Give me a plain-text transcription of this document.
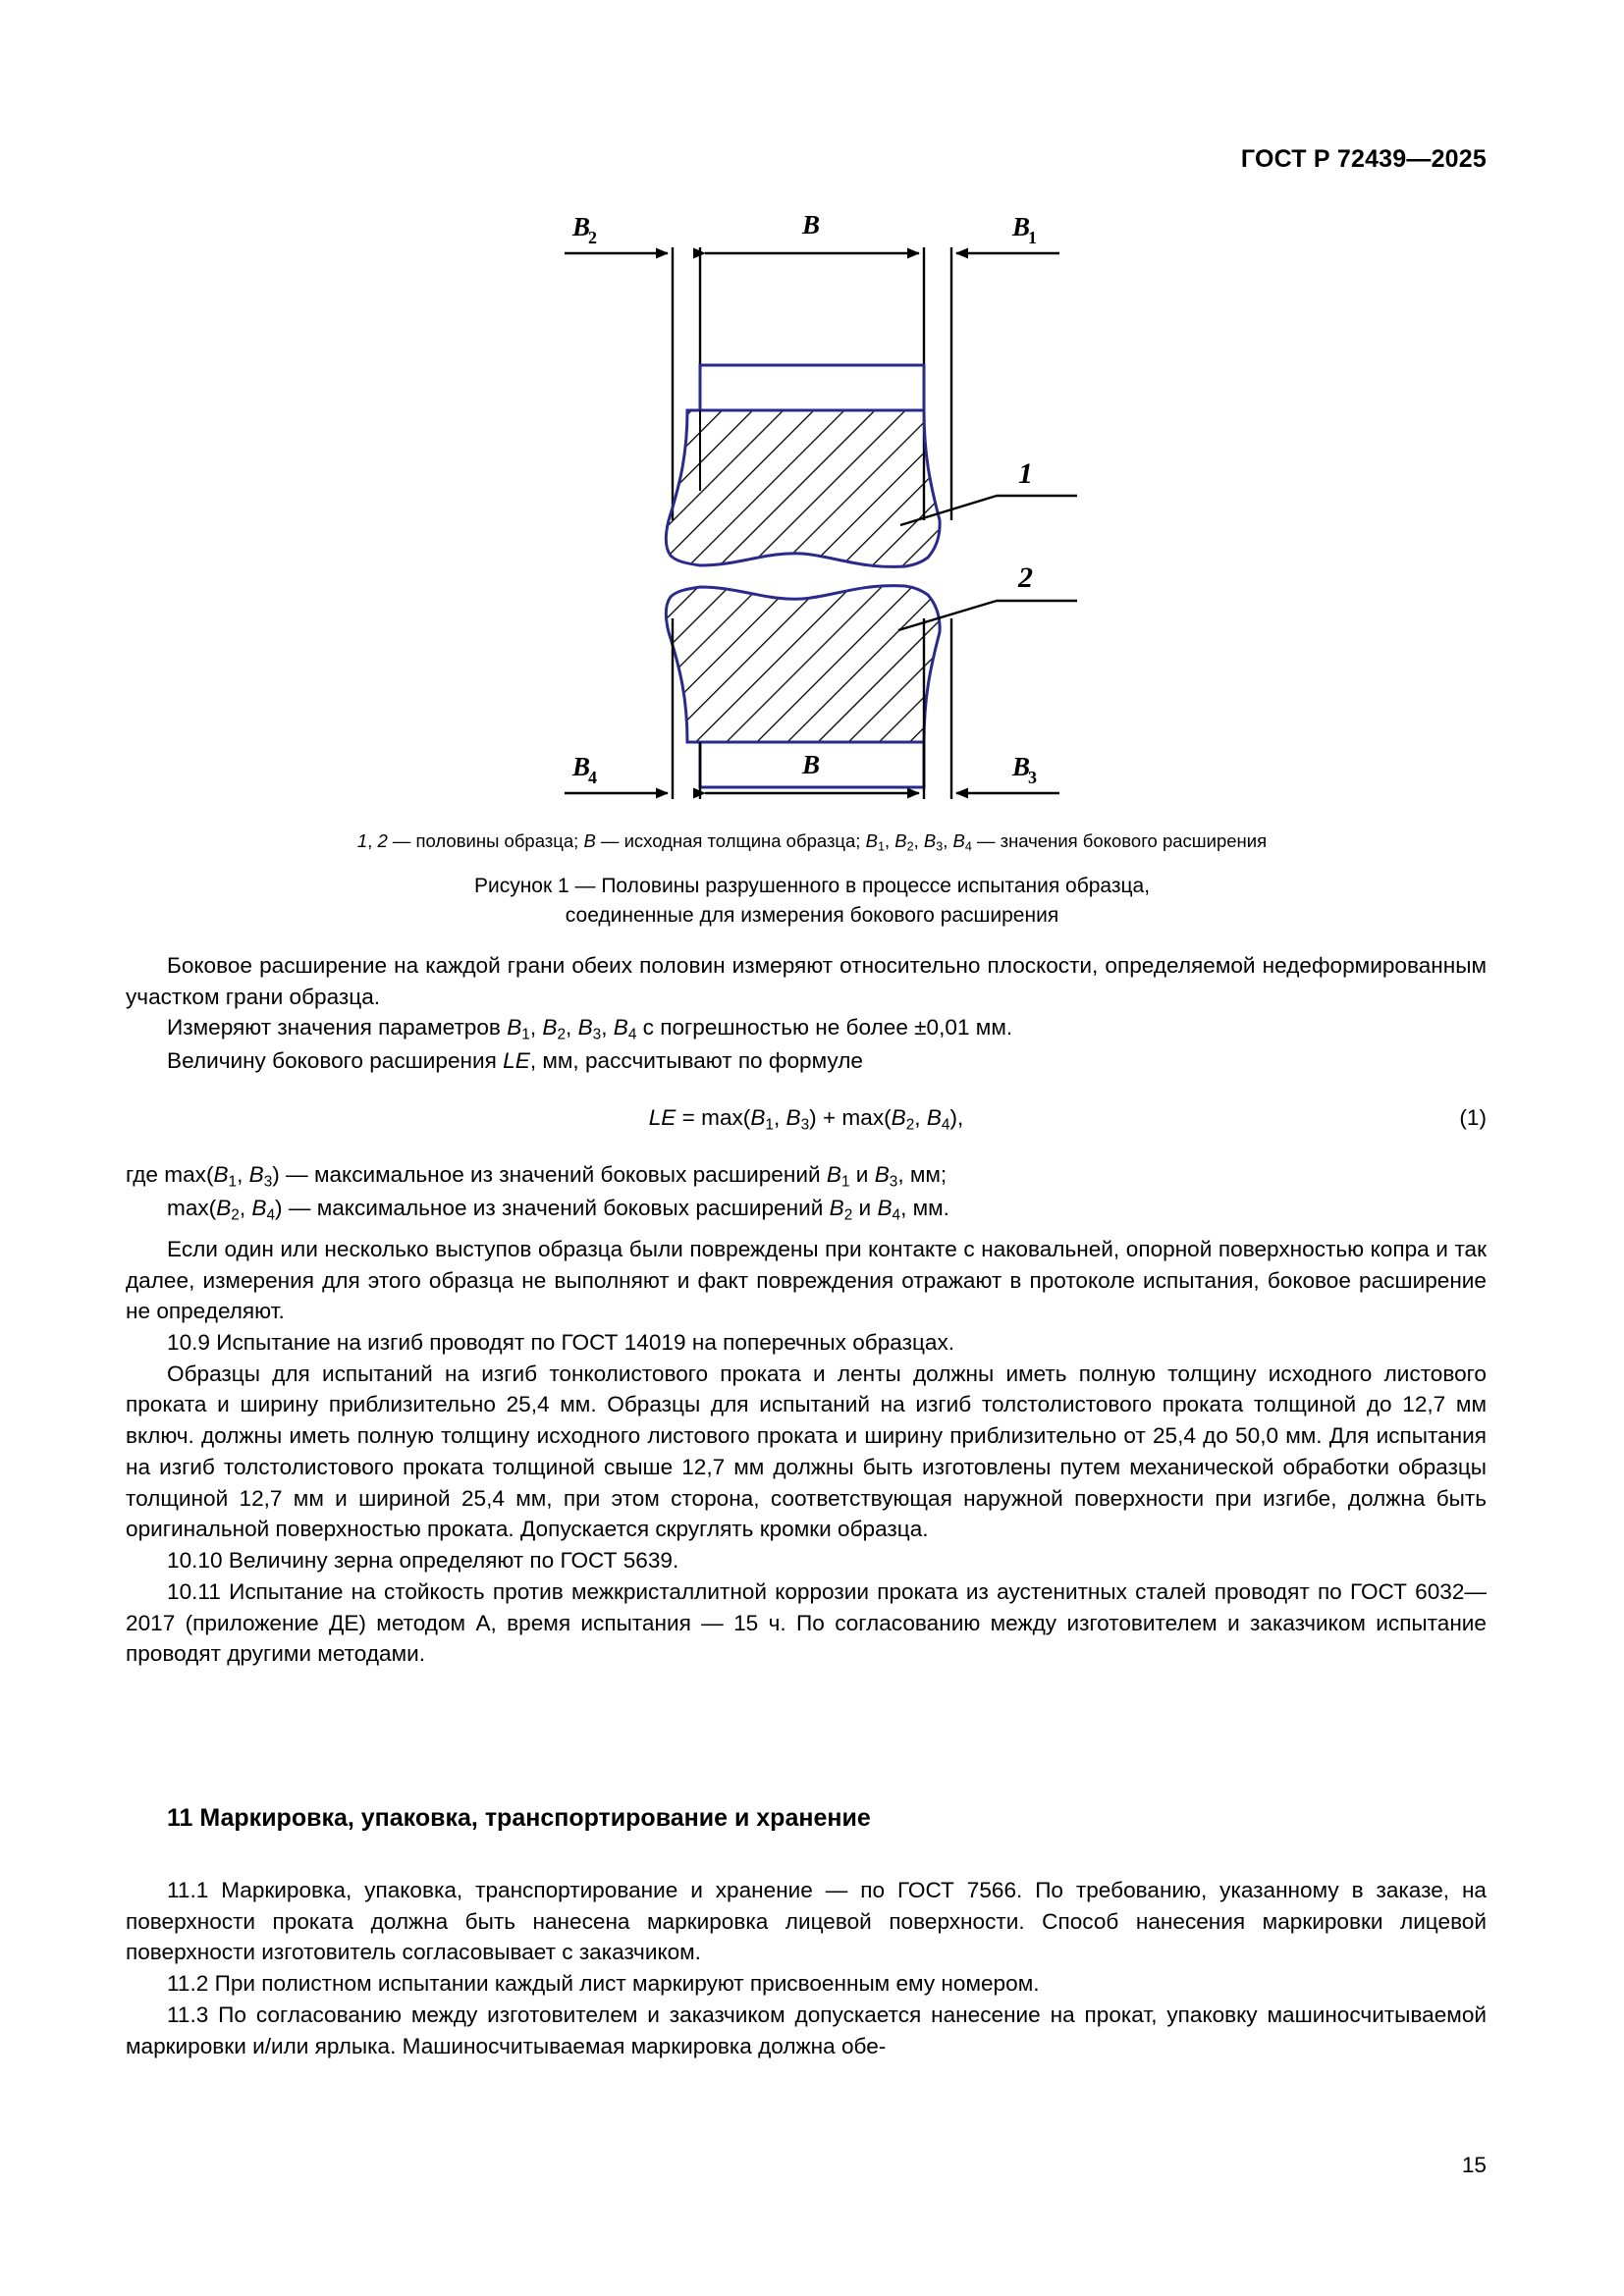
ГОСТ Р 72439—2025
B
2	B	B
1
1
2
B
4	B	B
3
1, 2 — половины образца; B — исходная толщина образца; $B_1$, $B_2$, $B_3$, $B_4$ — значения бокового расширения
Рисунок 1 — Половины разрушенного в процессе испытания образца,
соединенные для измерения бокового расширения

Боковое расширение на каждой грани обеих половин измеряют относительно плоскости, определяемой недеформированным участком грани образца.

Измеряют значения параметров $B_1$, $B_2$, $B_3$, $B_4$ с погрешностью не более ±0,01 мм.

Величину бокового расширения LE, мм, рассчитывают по формуле

LE = $\max(B_1$, $B_3) + \max(B_2$, $B_4$),	(1)

где $\max(B_1$, $B_3$) — максимальное из значений боковых расширений $B_1$ и $B_3$, мм;

$\max(B_2$, $B_4$) — максимальное из значений боковых расширений $B_2$ и $B_4$, мм.

Если один или несколько выступов образца были повреждены при контакте с наковальней, опорной поверхностью копра и так далее, измерения для этого образца не выполняют и факт повреждения отражают в протоколе испытания, боковое расширение не определяют.

10.9 Испытание на изгиб проводят по ГОСТ 14019 на поперечных образцах.

Образцы для испытаний на изгиб тонколистового проката и ленты должны иметь полную толщину исходного листового проката и ширину приблизительно 25,4 мм. Образцы для испытаний на изгиб толстолистового проката толщиной до 12,7 мм включ. должны иметь полную толщину исходного листового проката и ширину приблизительно от 25,4 до 50,0 мм. Для испытания на изгиб толстолистового проката толщиной свыше 12,7 мм должны быть изготовлены путем механической обработки образцы толщиной 12,7 мм и шириной 25,4 мм, при этом сторона, соответствующая наружной поверхности при изгибе, должна быть оригинальной поверхностью проката. Допускается скруглять кромки образца.

10.10 Величину зерна определяют по ГОСТ 5639.

10.11 Испытание на стойкость против межкристаллитной коррозии проката из аустенитных сталей проводят по ГОСТ 6032—2017 (приложение ДЕ) методом А, время испытания — 15 ч. По согласованию между изготовителем и заказчиком испытание проводят другими методами.

11 Маркировка, упаковка, транспортирование и хранение

11.1 Маркировка, упаковка, транспортирование и хранение — по ГОСТ 7566. По требованию, указанному в заказе, на поверхности проката должна быть нанесена маркировка лицевой поверхности. Способ нанесения маркировки лицевой поверхности изготовитель согласовывает с заказчиком.

11.2 При полистном испытании каждый лист маркируют присвоенным ему номером.

11.3 По согласованию между изготовителем и заказчиком допускается нанесение на прокат, упаковку машиносчитываемой маркировки и/или ярлыка. Машиносчитываемая маркировка должна обе-

15
